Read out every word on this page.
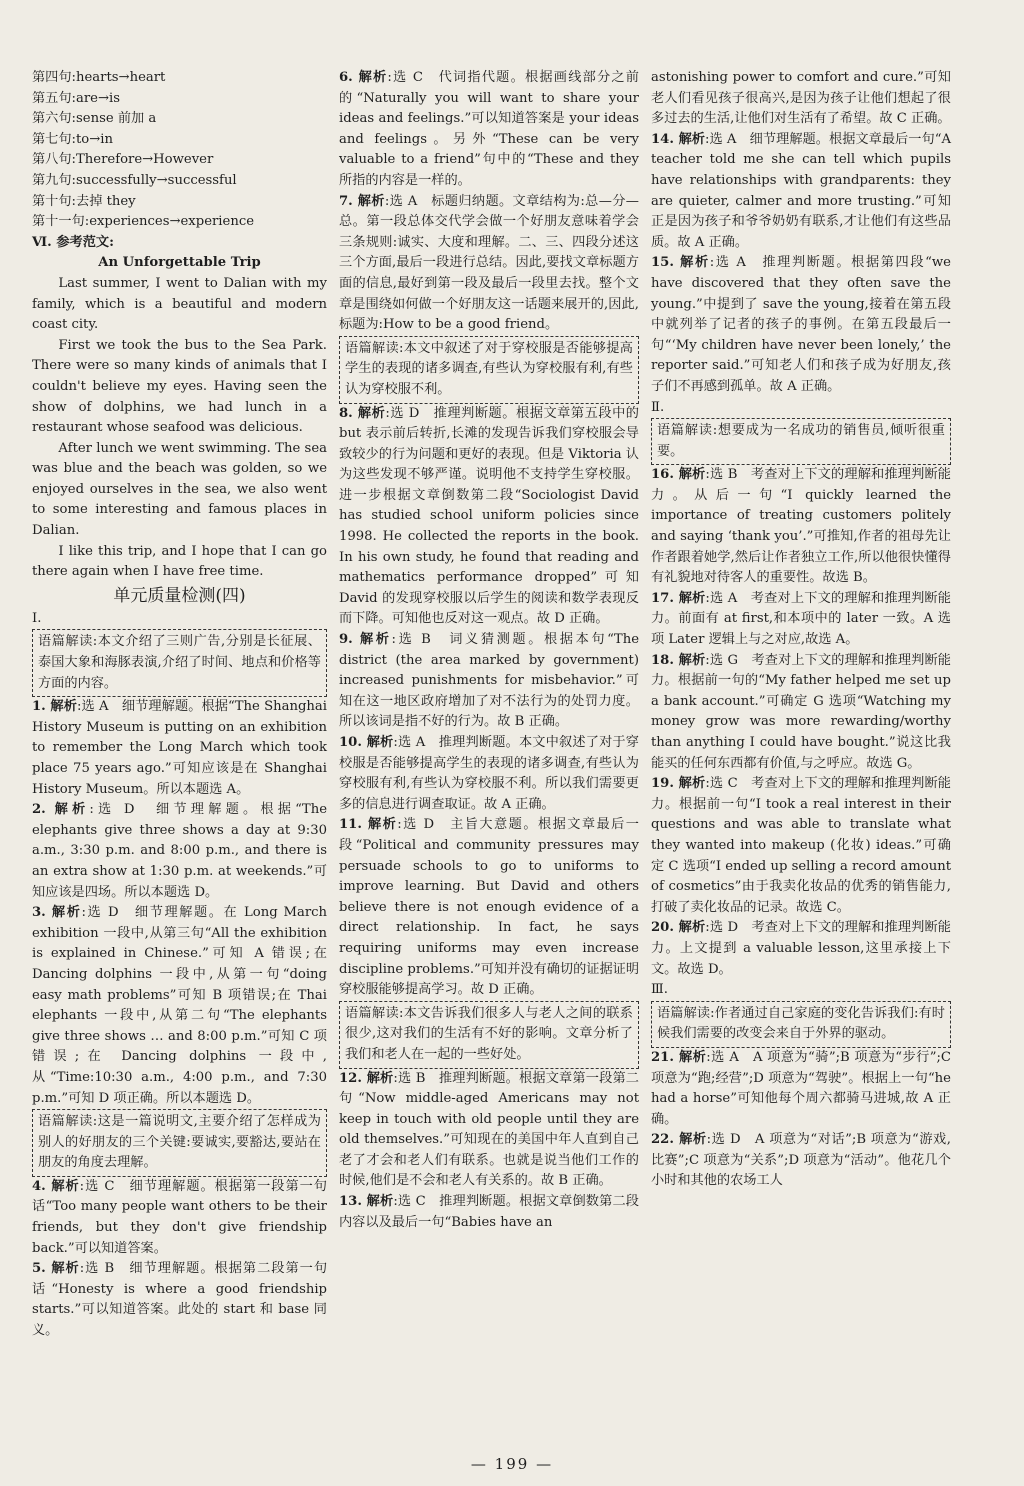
第四句:hearts→heart
第五句:are→is
第六句:sense 前加 a
第七句:to→in
第八句:Therefore→However
第九句:successfully→successful
第十句:去掉 they
第十一句:experiences→experience
Ⅵ. 参考范文:
An Unforgettable Trip
Last summer, I went to Dalian with my family, which is a beautiful and modern coast city.
First we took the bus to the Sea Park. There were so many kinds of animals that I couldn't believe my eyes. Having seen the show of dolphins, we had lunch in a restaurant whose seafood was delicious.
After lunch we went swimming. The sea was blue and the beach was golden, so we enjoyed ourselves in the sea, we also went to some interesting and famous places in Dalian.
I like this trip, and I hope that I can go there again when I have free time.
单元质量检测(四)
Ⅰ.
语篇解读:本文介绍了三则广告,分别是长征展、泰国大象和海豚表演,介绍了时间、地点和价格等方面的内容。
1. 解析:选 A　细节理解题。根据“The Shanghai History Museum is putting on an exhibition to remember the Long March which took place 75 years ago.”可知应该是在 Shanghai History Museum。所以本题选 A。
2. 解析:选 D　细节理解题。根据“The elephants give three shows a day at 9:30 a.m., 3:30 p.m. and 8:00 p.m., and there is an extra show at 1:30 p.m. at weekends.”可知应该是四场。所以本题选 D。
3. 解析:选 D　细节理解题。在 Long March exhibition 一段中,从第三句“All the exhibition is explained in Chinese.”可知 A 错误;在 Dancing dolphins 一段中,从第一句“doing easy math problems”可知 B 项错误;在 Thai elephants 一段中,从第二句“The elephants give three shows … and 8:00 p.m.”可知 C 项错误;在 Dancing dolphins 一段中,从“Time:10:30 a.m., 4:00 p.m., and 7:30 p.m.”可知 D 项正确。所以本题选 D。
语篇解读:这是一篇说明文,主要介绍了怎样成为别人的好朋友的三个关键:要诚实,要豁达,要站在朋友的角度去理解。
4. 解析:选 C　细节理解题。根据第一段第一句话“Too many people want others to be their friends, but they don't give friendship back.”可以知道答案。
5. 解析:选 B　细节理解题。根据第二段第一句话“Honesty is where a good friendship starts.”可以知道答案。此处的 start 和 base 同义。
6. 解析:选 C　代词指代题。根据画线部分之前的“Naturally you will want to share your ideas and feelings.”可以知道答案是 your ideas and feelings。另外“These can be very valuable to a friend”句中的“These and they 所指的内容是一样的。
7. 解析:选 A　标题归纳题。文章结构为:总—分—总。第一段总体交代学会做一个好朋友意味着学会三条规则:诚实、大度和理解。二、三、四段分述这三个方面,最后一段进行总结。因此,要找文章标题方面的信息,最好到第一段及最后一段里去找。整个文章是围绕如何做一个好朋友这一话题来展开的,因此,标题为:How to be a good friend。
语篇解读:本文中叙述了对于穿校服是否能够提高学生的表现的诸多调查,有些认为穿校服有利,有些认为穿校服不利。
8. 解析:选 D　推理判断题。根据文章第五段中的 but 表示前后转折,长滩的发现告诉我们穿校服会导致较少的行为问题和更好的表现。但是 Viktoria 认为这些发现不够严谨。说明他不支持学生穿校服。进一步根据文章倒数第二段“Sociologist David has studied school uniform policies since 1998. He collected the reports in the book. In his own study, he found that reading and mathematics performance dropped”可知 David 的发现穿校服以后学生的阅读和数学表现反而下降。可知他也反对这一观点。故 D 正确。
9. 解析:选 B　词义猜测题。根据本句“The district (the area marked by government) increased punishments for misbehavior.”可知在这一地区政府增加了对不法行为的处罚力度。所以该词是指不好的行为。故 B 正确。
10. 解析:选 A　推理判断题。本文中叙述了对于穿校服是否能够提高学生的表现的诸多调查,有些认为穿校服有利,有些认为穿校服不利。所以我们需要更多的信息进行调查取证。故 A 正确。
11. 解析:选 D　主旨大意题。根据文章最后一段“Political and community pressures may persuade schools to go to uniforms to improve learning. But David and others believe there is not enough evidence of a direct relationship. In fact, he says requiring uniforms may even increase discipline problems.”可知并没有确切的证据证明穿校服能够提高学习。故 D 正确。
语篇解读:本文告诉我们很多人与老人之间的联系很少,这对我们的生活有不好的影响。文章分析了我们和老人在一起的一些好处。
12. 解析:选 B　推理判断题。根据文章第一段第二句“Now middle-aged Americans may not keep in touch with old people until they are old themselves.”可知现在的美国中年人直到自己老了才会和老人们有联系。也就是说当他们工作的时候,他们是不会和老人有关系的。故 B 正确。
13. 解析:选 C　推理判断题。根据文章倒数第二段内容以及最后一句“Babies have an
astonishing power to comfort and cure.”可知老人们看见孩子很高兴,是因为孩子让他们想起了很多过去的生活,让他们对生活有了希望。故 C 正确。
14. 解析:选 A　细节理解题。根据文章最后一句“A teacher told me she can tell which pupils have relationships with grandparents: they are quieter, calmer and more trusting.”可知正是因为孩子和爷爷奶奶有联系,才让他们有这些品质。故 A 正确。
15. 解析:选 A　推理判断题。根据第四段“we have discovered that they often save the young.”中提到了 save the young,接着在第五段中就列举了记者的孩子的事例。在第五段最后一句“‘My children have never been lonely,’ the reporter said.”可知老人们和孩子成为好朋友,孩子们不再感到孤单。故 A 正确。
Ⅱ.
语篇解读:想要成为一名成功的销售员,倾听很重要。
16. 解析:选 B　考查对上下文的理解和推理判断能力。从后一句“I quickly learned the importance of treating customers politely and saying ‘thank you’.”可推知,作者的祖母先让作者跟着她学,然后让作者独立工作,所以他很快懂得有礼貌地对待客人的重要性。故选 B。
17. 解析:选 A　考查对上下文的理解和推理判断能力。前面有 at first,和本项中的 later 一致。A 选项 Later 逻辑上与之对应,故选 A。
18. 解析:选 G　考查对上下文的理解和推理判断能力。根据前一句的“My father helped me set up a bank account.”可确定 G 选项“Watching my money grow was more rewarding/worthy than anything I could have bought.”说这比我能买的任何东西都有价值,与之呼应。故选 G。
19. 解析:选 C　考查对上下文的理解和推理判断能力。根据前一句“I took a real interest in their questions and was able to translate what they wanted into makeup (化妆) ideas.”可确定 C 选项“I ended up selling a record amount of cosmetics”由于我卖化妆品的优秀的销售能力,打破了卖化妆品的记录。故选 C。
20. 解析:选 D　考查对上下文的理解和推理判断能力。上文提到 a valuable lesson,这里承接上下文。故选 D。
Ⅲ.
语篇解读:作者通过自己家庭的变化告诉我们:有时候我们需要的改变会来自于外界的驱动。
21. 解析:选 A　A 项意为“骑”;B 项意为“步行”;C 项意为“跑;经营”;D 项意为“驾驶”。根据上一句“he had a horse”可知他每个周六都骑马进城,故 A 正确。
22. 解析:选 D　A 项意为“对话”;B 项意为“游戏,比赛”;C 项意为“关系”;D 项意为“活动”。他花几个小时和其他的农场工人
— 199 —
